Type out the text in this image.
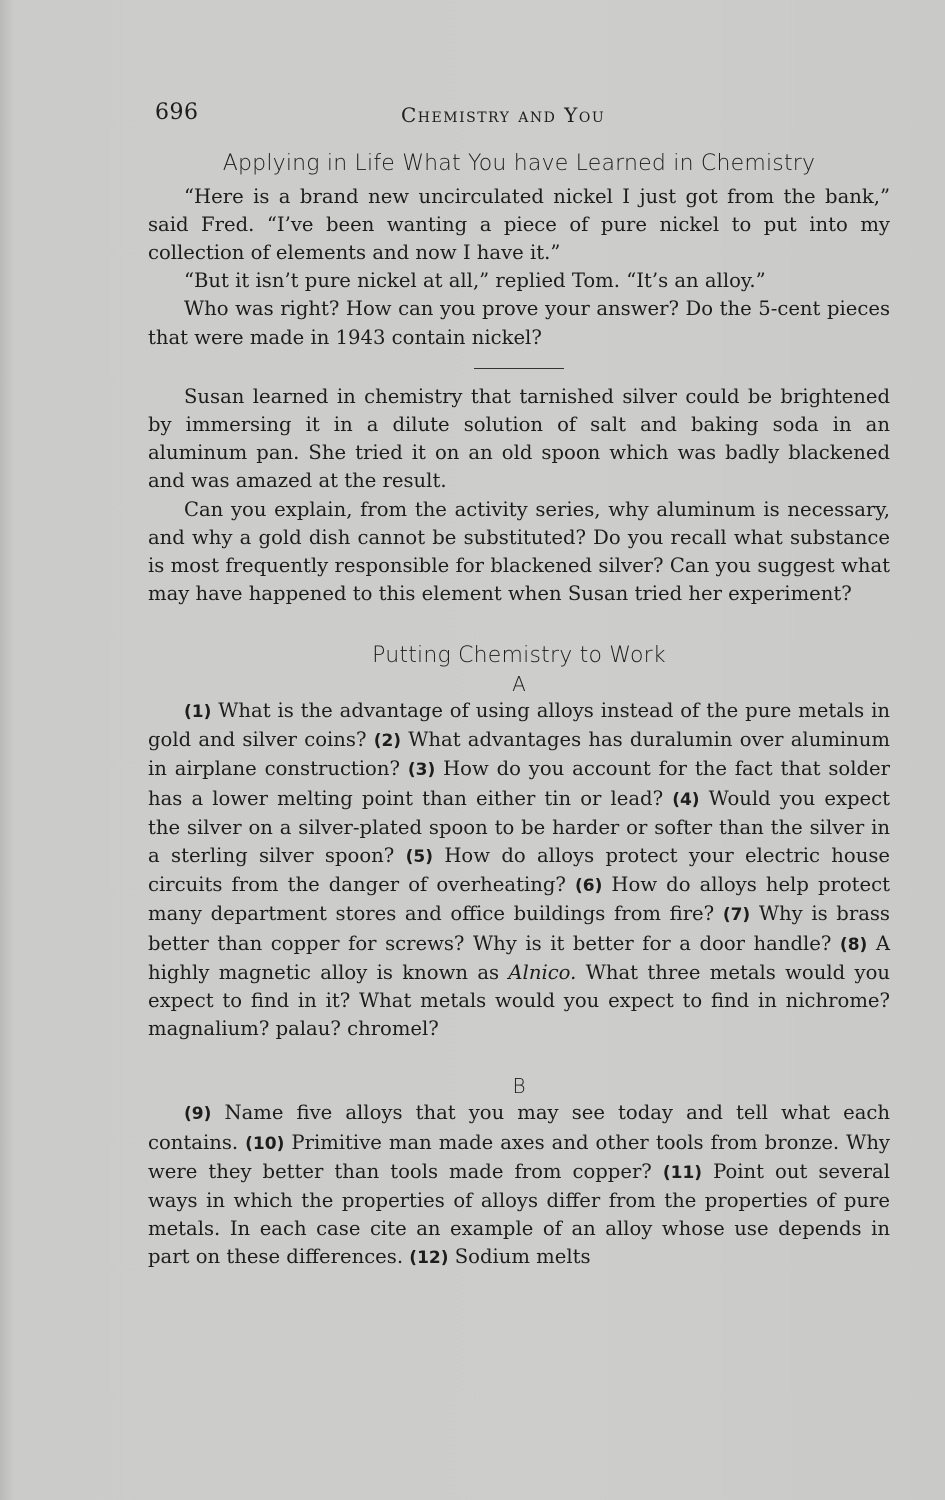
696	Chemistry and You
Applying in Life What You have Learned in Chemistry

“Here is a brand new uncirculated nickel I just got from the bank,” said Fred. “I’ve been wanting a piece of pure nickel to put into my collection of elements and now I have it.”

“But it isn’t pure nickel at all,” replied Tom. “It’s an alloy.”

Who was right? How can you prove your answer? Do the 5-cent pieces that were made in 1943 contain nickel?

Susan learned in chemistry that tarnished silver could be brightened by immersing it in a dilute solution of salt and baking soda in an aluminum pan. She tried it on an old spoon which was badly blackened and was amazed at the result.

Can you explain, from the activity series, why aluminum is necessary, and why a gold dish cannot be substituted? Do you recall what substance is most frequently responsible for blackened silver? Can you suggest what may have happened to this element when Susan tried her experiment?

Putting Chemistry to Work
A

(1) What is the advantage of using alloys instead of the pure metals in gold and silver coins? (2) What advantages has duralumin over aluminum in airplane construction? (3) How do you account for the fact that solder has a lower melting point than either tin or lead? (4) Would you expect the silver on a silver-plated spoon to be harder or softer than the silver in a sterling silver spoon? (5) How do alloys protect your electric house circuits from the danger of overheating? (6) How do alloys help protect many department stores and office buildings from fire? (7) Why is brass better than copper for screws? Why is it better for a door handle? (8) A highly magnetic alloy is known as Alnico. What three metals would you expect to find in it? What metals would you expect to find in nichrome? magnalium? palau? chromel?

B

(9) Name five alloys that you may see today and tell what each contains. (10) Primitive man made axes and other tools from bronze. Why were they better than tools made from copper? (11) Point out several ways in which the properties of alloys differ from the properties of pure metals. In each case cite an example of an alloy whose use depends in part on these differences. (12) Sodium melts
